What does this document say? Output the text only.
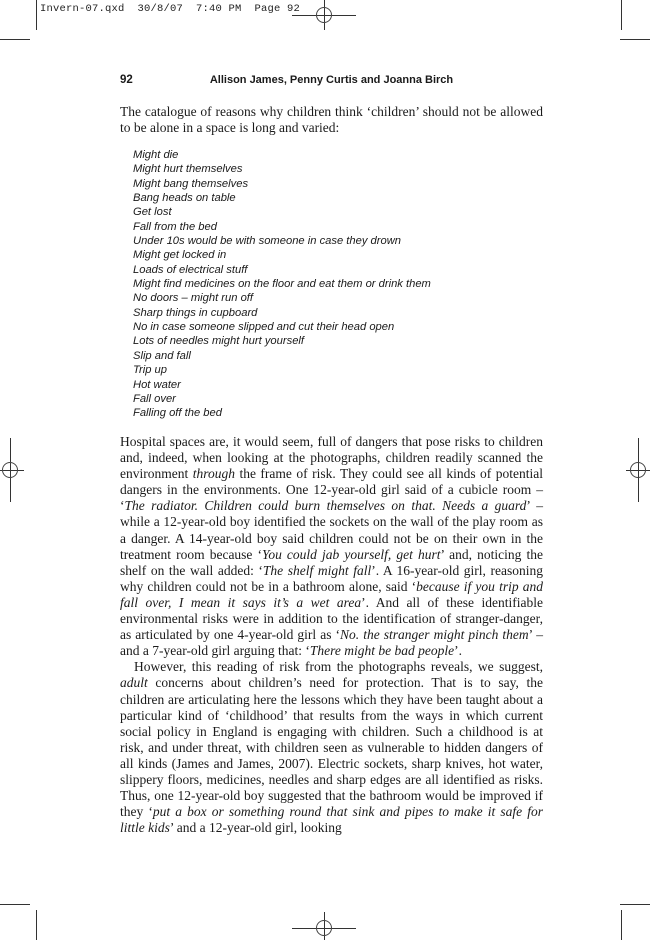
Invern-07.qxd  30/8/07  7:40 PM  Page 92
92	Allison James, Penny Curtis and Joanna Birch

The catalogue of reasons why children think ‘children’ should not be allowed to be alone in a space is long and varied:

Might die
Might hurt themselves
Might bang themselves
Bang heads on table
Get lost
Fall from the bed
Under 10s would be with someone in case they drown
Might get locked in
Loads of electrical stuff
Might find medicines on the floor and eat them or drink them
No doors – might run off
Sharp things in cupboard
No in case someone slipped and cut their head open
Lots of needles might hurt yourself
Slip and fall
Trip up
Hot water
Fall over
Falling off the bed

Hospital spaces are, it would seem, full of dangers that pose risks to children and, indeed, when looking at the photographs, children readily scanned the environment through the frame of risk. They could see all kinds of potential dangers in the environments. One 12-year-old girl said of a cubicle room – ‘The radiator. Children could burn themselves on that. Needs a guard’ – while a 12-year-old boy identified the sockets on the wall of the play room as a danger. A 14-year-old boy said children could not be on their own in the treatment room because ‘You could jab yourself, get hurt’ and, noticing the shelf on the wall added: ‘The shelf might fall’. A 16-year-old girl, reasoning why children could not be in a bathroom alone, said ‘because if you trip and fall over, I mean it says it’s a wet area’. And all of these identifiable environmental risks were in addition to the identification of stranger-danger, as articulated by one 4-year-old girl as ‘No. the stranger might pinch them’ – and a 7-year-old girl arguing that: ‘There might be bad people’.

However, this reading of risk from the photographs reveals, we suggest, adult concerns about children’s need for protection. That is to say, the children are articulating here the lessons which they have been taught about a particular kind of ‘childhood’ that results from the ways in which current social policy in England is engaging with children. Such a childhood is at risk, and under threat, with children seen as vulnerable to hidden dangers of all kinds (James and James, 2007). Electric sockets, sharp knives, hot water, slippery floors, medicines, needles and sharp edges are all identified as risks. Thus, one 12-year-old boy suggested that the bathroom would be improved if they ‘put a box or something round that sink and pipes to make it safe for little kids’ and a 12-year-old girl, looking
